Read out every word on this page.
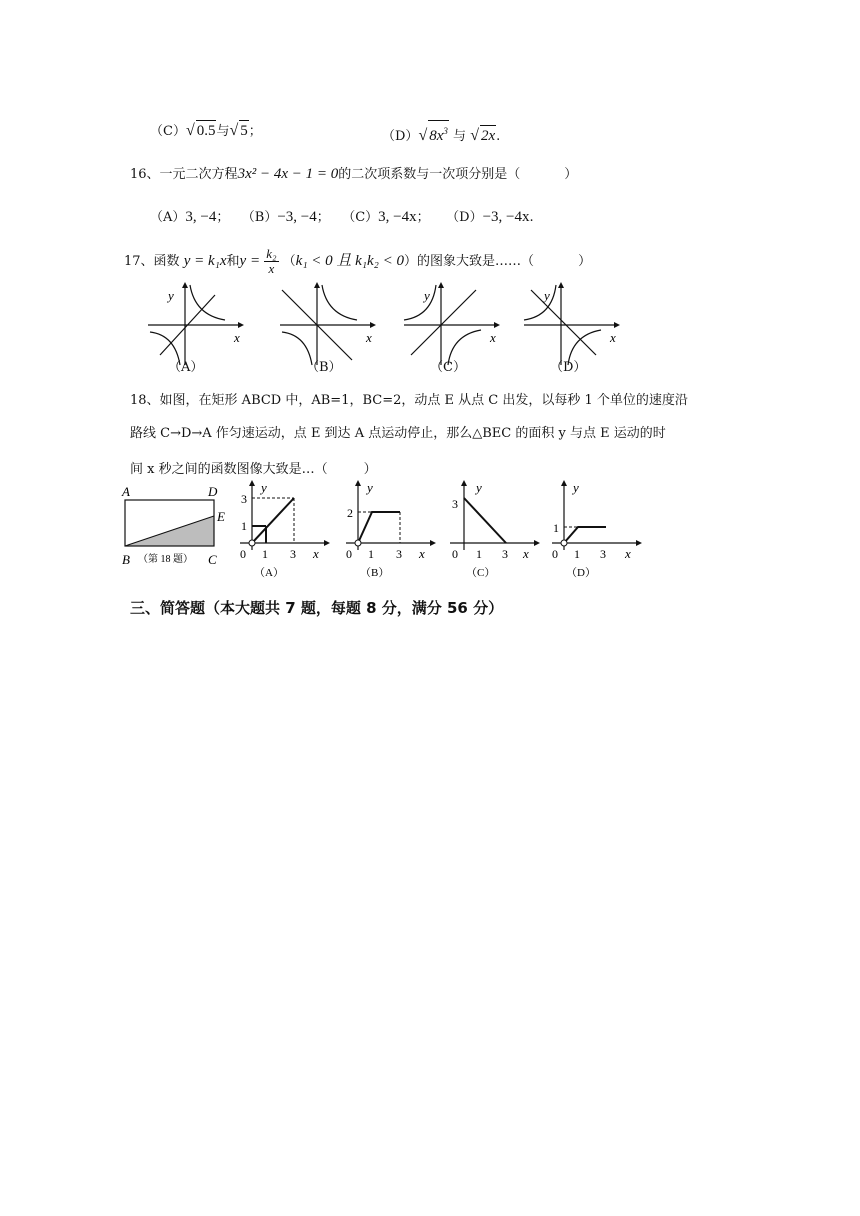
（C）√ 0.5与√ 5；	（D）√ $8x^3$ 与 √ 2x.
16、一元二次方程3x² − 4x − 1 = 0的二次项系数与一次项分别是（	）
（A）3, −4； （B）−3, −4； （C）3, −4x； （D）−3, −4x.
17、函数 y = k₁x和$y = \frac{\text{k₂}}{x} (k_1 < 0$ 且 k₁k₂ < 0）的图象大致是……（	）
y
x
（A）
x
（B）
y
x
（C）
y
x
（D）
18、如图，在矩形 ABCD 中，AB=1，BC=2，动点 E 从点 C 出发，以每秒 1 个单位的速度沿
路线 C→D→A 作匀速运动，点 E 到达 A 点运动停止，那么△BEC 的面积 y 与点 E 运动的时
间 x 秒之间的函数图像大致是…（	）
A	D
E
B	C
（第 18 题）
y
x
0 1 3
1
3
（A）
y
x
0 1 3
2
（B）
y
x
0 1 3
3
（C）
y
x
0 1 3
1
（D）
三、简答题（本大题共 7 题，每题 8 分，满分 56 分）
